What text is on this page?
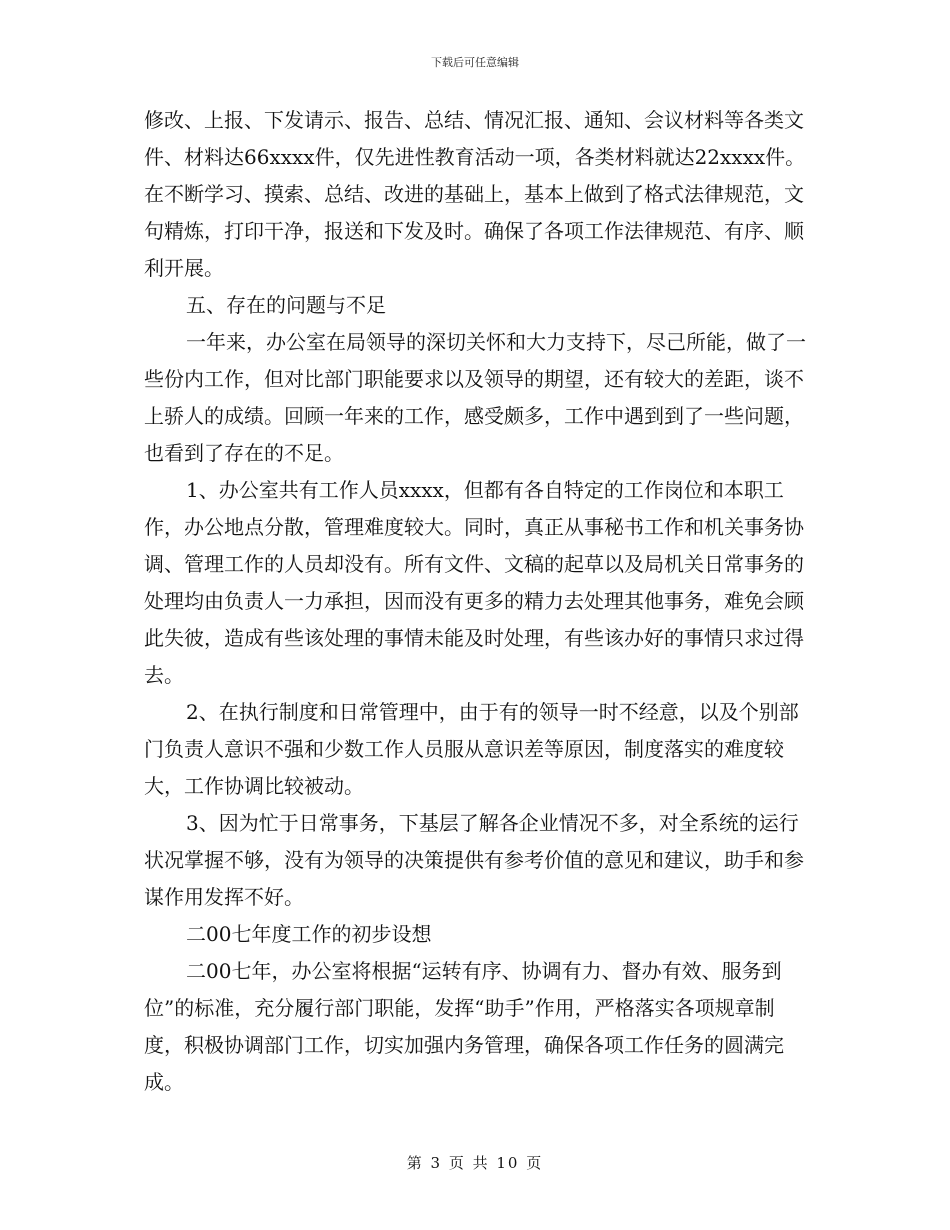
下载后可任意编辑

修改、上报、下发请示、报告、总结、情况汇报、通知、会议材料等各类文件、材料达66xxxx件，仅先进性教育活动一项，各类材料就达22xxxx件。在不断学习、摸索、总结、改进的基础上，基本上做到了格式法律规范，文句精炼，打印干净，报送和下发及时。确保了各项工作法律规范、有序、顺利开展。

五、存在的问题与不足

一年来，办公室在局领导的深切关怀和大力支持下，尽己所能，做了一些份内工作，但对比部门职能要求以及领导的期望，还有较大的差距，谈不上骄人的成绩。回顾一年来的工作，感受颇多，工作中遇到到了一些问题，也看到了存在的不足。

1、办公室共有工作人员xxxx，但都有各自特定的工作岗位和本职工作，办公地点分散，管理难度较大。同时，真正从事秘书工作和机关事务协调、管理工作的人员却没有。所有文件、文稿的起草以及局机关日常事务的处理均由负责人一力承担，因而没有更多的精力去处理其他事务，难免会顾此失彼，造成有些该处理的事情未能及时处理，有些该办好的事情只求过得去。

2、在执行制度和日常管理中，由于有的领导一时不经意，以及个别部门负责人意识不强和少数工作人员服从意识差等原因，制度落实的难度较大，工作协调比较被动。

3、因为忙于日常事务，下基层了解各企业情况不多，对全系统的运行状况掌握不够，没有为领导的决策提供有参考价值的意见和建议，助手和参谋作用发挥不好。

二00七年度工作的初步设想

二00七年，办公室将根据“运转有序、协调有力、督办有效、服务到位”的标准，充分履行部门职能，发挥“助手”作用，严格落实各项规章制度，积极协调部门工作，切实加强内务管理，确保各项工作任务的圆满完成。

第 3 页 共 10 页
